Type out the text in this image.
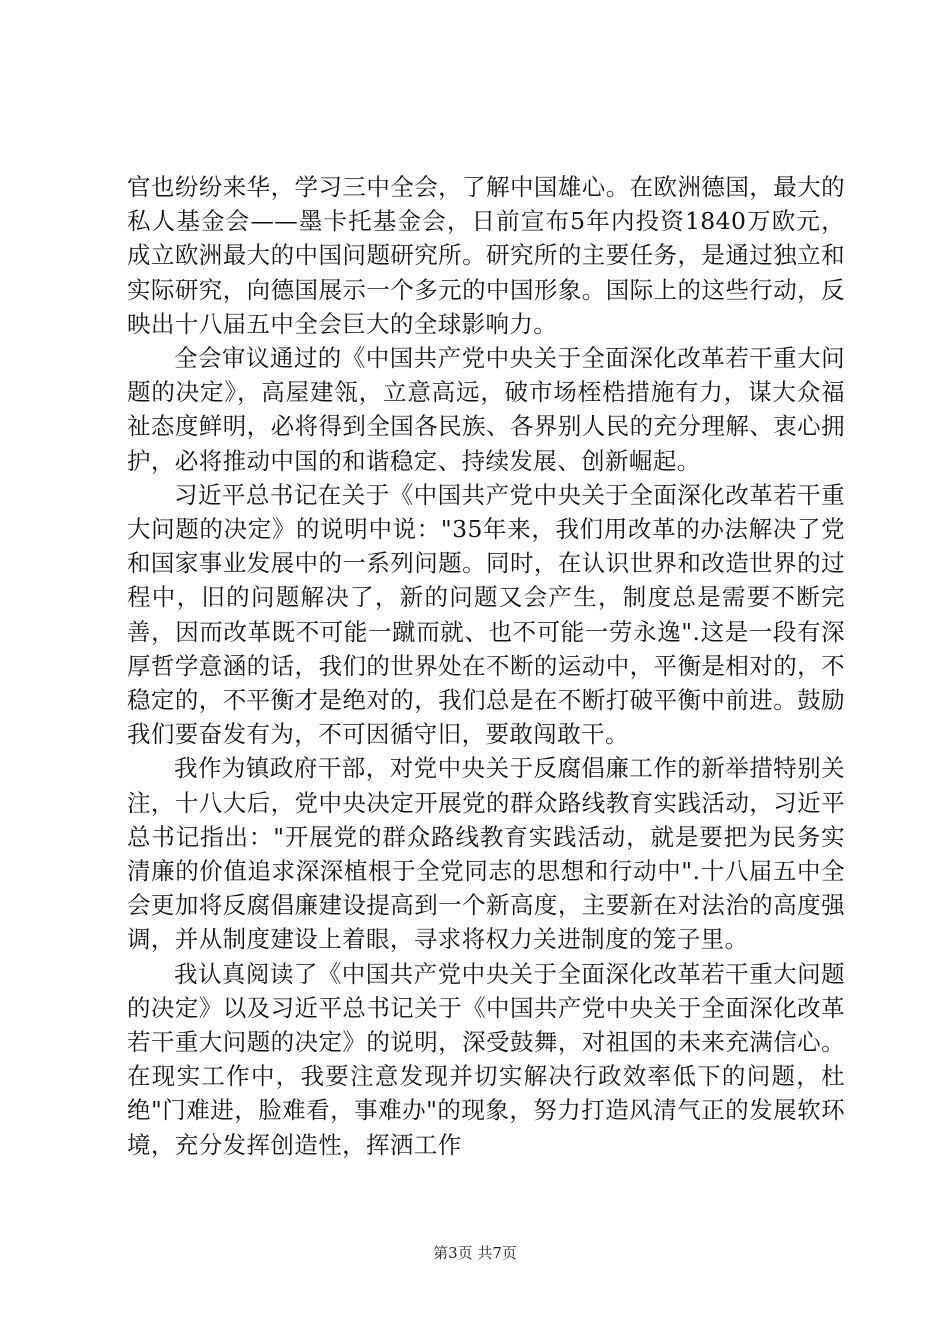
官也纷纷来华，学习三中全会，了解中国雄心。在欧洲德国，最大的私人基金会——墨卡托基金会，日前宣布5年内投资1840万欧元，成立欧洲最大的中国问题研究所。研究所的主要任务，是通过独立和实际研究，向德国展示一个多元的中国形象。国际上的这些行动，反映出十八届五中全会巨大的全球影响力。

全会审议通过的《中国共产党中央关于全面深化改革若干重大问题的决定》，高屋建瓴，立意高远，破市场桎梏措施有力，谋大众福祉态度鲜明，必将得到全国各民族、各界别人民的充分理解、衷心拥护，必将推动中国的和谐稳定、持续发展、创新崛起。

习近平总书记在关于《中国共产党中央关于全面深化改革若干重大问题的决定》的说明中说："35年来，我们用改革的办法解决了党和国家事业发展中的一系列问题。同时，在认识世界和改造世界的过程中，旧的问题解决了，新的问题又会产生，制度总是需要不断完善，因而改革既不可能一蹴而就、也不可能一劳永逸".这是一段有深厚哲学意涵的话，我们的世界处在不断的运动中，平衡是相对的，不稳定的，不平衡才是绝对的，我们总是在不断打破平衡中前进。鼓励我们要奋发有为，不可因循守旧，要敢闯敢干。

我作为镇政府干部，对党中央关于反腐倡廉工作的新举措特别关注，十八大后，党中央决定开展党的群众路线教育实践活动，习近平总书记指出："开展党的群众路线教育实践活动，就是要把为民务实清廉的价值追求深深植根于全党同志的思想和行动中".十八届五中全会更加将反腐倡廉建设提高到一个新高度，主要新在对法治的高度强调，并从制度建设上着眼，寻求将权力关进制度的笼子里。

我认真阅读了《中国共产党中央关于全面深化改革若干重大问题的决定》以及习近平总书记关于《中国共产党中央关于全面深化改革若干重大问题的决定》的说明，深受鼓舞，对祖国的未来充满信心。在现实工作中，我要注意发现并切实解决行政效率低下的问题，杜绝"门难进，脸难看，事难办"的现象，努力打造风清气正的发展软环境，充分发挥创造性，挥洒工作

第3页 共7页
